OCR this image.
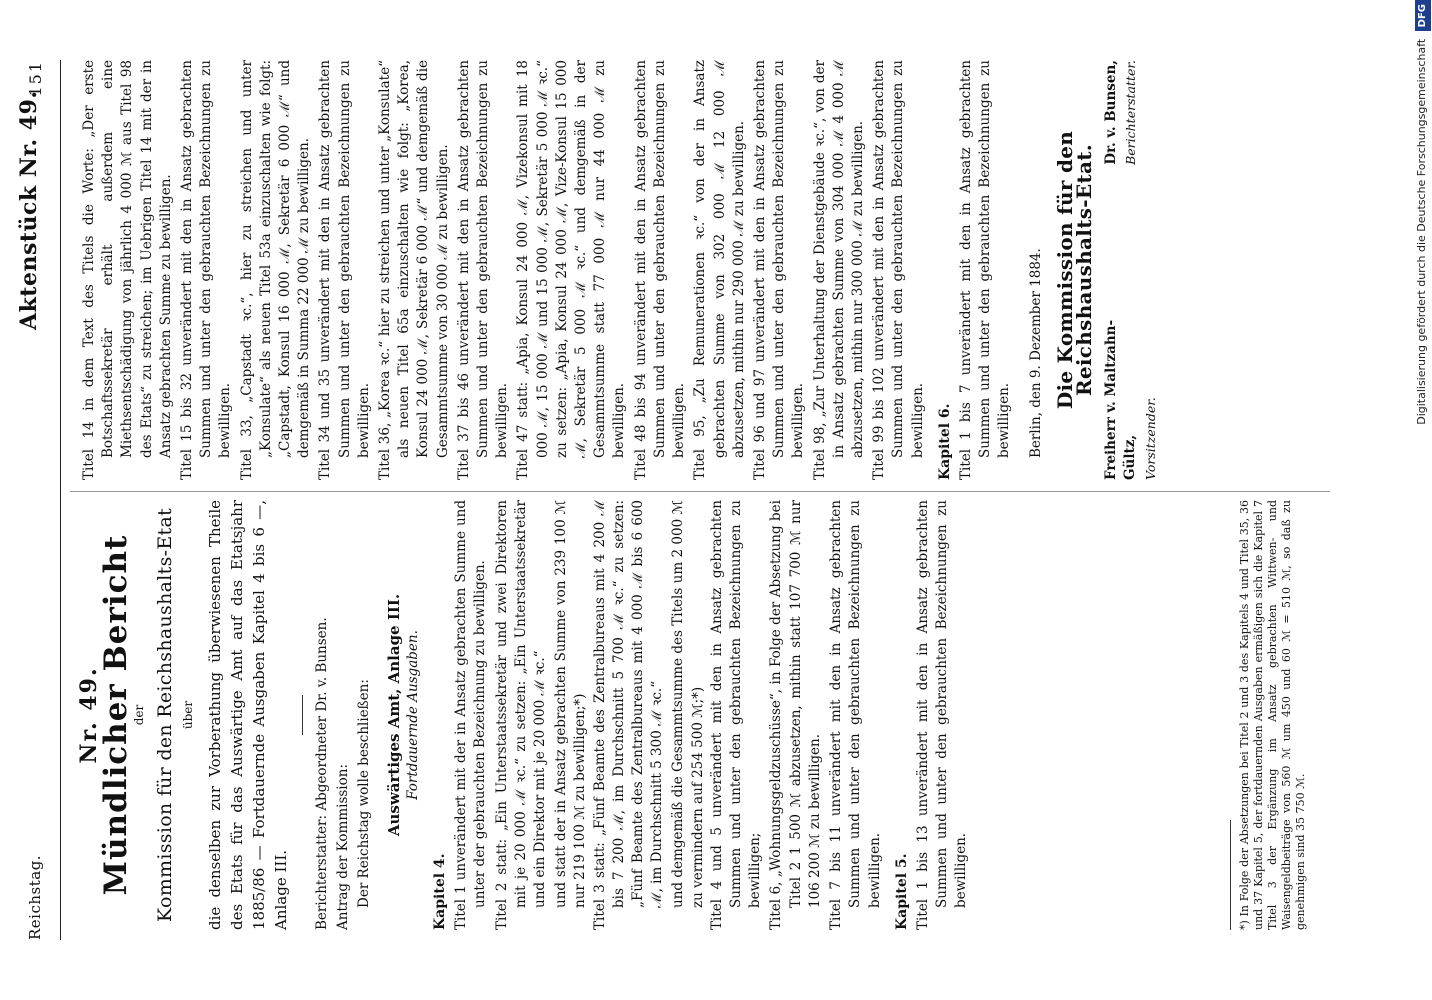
Reichstag.
Aktenstück Nr. 49.
151
Nr. 49.
Mündlicher Bericht
der Kommission für den Reichshaushalts-Etat über die denselben zur Vorberathung überwiesenen Theile des Etats für das Auswärtige Amt auf das Etatsjahr 1885/86 — Fortdauernde Ausgaben Kapitel 4 bis 6 —, Anlage III. Berichterstatter: Abgeordneter Dr. v. Bunsen. Antrag der Kommission: Der Reichstag wolle beschließen: Auswärtiges Amt, Anlage III. Fortdauernde Ausgaben.
Kapitel 4. Titel 1 unverändert mit der in Ansatz gebrachten Summe und unter der gebrauchten Bezeichnung zu bewilligen. Titel 2 statt: „Ein Unterstaatssekretär und zwei Direktoren mit je 20 000 ℳ ꝛc.“ zu setzen: „Ein Unterstaatssekretär und ein Direktor mit je 20 000 ℳ ꝛc.“ und statt der in Ansatz gebrachten Summe von 239 100 ℳ nur 219 100 ℳ zu bewilligen;*) Titel 3 statt: „Fünf Beamte des Zentralbureaus mit 4 200 ℳ bis 7 200 ℳ, im Durchschnitt 5 700 ℳ ꝛc.“ zu setzen: „Fünf Beamte des Zentralbureaus mit 4 000 ℳ bis 6 600 ℳ, im Durchschnitt 5 300 ℳ ꝛc.“ und demgemäß die Gesammtsumme des Titels um 2 000 ℳ zu vermindern auf 254 500 ℳ;*) Titel 4 und 5 unverändert mit den in Ansatz gebrachten Summen und unter den gebrauchten Bezeichnungen zu bewilligen; Titel 6, „Wohnungsgeldzuschüsse“, in Folge der Absetzung bei Titel 2 1 500 ℳ abzusetzen, mithin statt 107 700 ℳ nur 106 200 ℳ zu bewilligen. Titel 7 bis 11 unverändert mit den in Ansatz gebrachten Summen und unter den gebrauchten Bezeichnungen zu bewilligen. Kapitel 5. Titel 1 bis 13 unverändert mit den in Ansatz gebrachten Summen und unter den gebrauchten Bezeichnungen zu bewilligen.	*) In Folge der Absetzungen bei Titel 2 und 3 des Kapitels 4 und Titel 35, 36 und 37 Kapitel 5, der fortdauernden Ausgaben ermäßigen sich die Kapitel 7 Titel 3 der Ergänzung im Ansatz gebrachten Wittwen- und Waisengeldbeiträge von 560 ℳ um 450 und 60 ℳ = 510 ℳ, so daß zu genehmigen sind 35 750 ℳ.
Titel 14 in dem Text des Titels die Worte: „Der erste Botschaftssekretär erhält außerdem eine Miethsentschädigung von jährlich 4 000 ℳ aus Titel 98 des Etats“ zu streichen; im Uebrigen Titel 14 mit der in Ansatz gebrachten Summe zu bewilligen. Titel 15 bis 32 unverändert mit den in Ansatz gebrachten Summen und unter den gebrauchten Bezeichnungen zu bewilligen. Titel 33, „Capstadt ꝛc.“, hier zu streichen und unter „Konsulate“ als neuen Titel 53a einzuschalten wie folgt: „Capstadt, Konsul 16 000 ℳ, Sekretär 6 000 ℳ“ und demgemäß in Summa 22 000 ℳ zu bewilligen. Titel 34 und 35 unverändert mit den in Ansatz gebrachten Summen und unter den gebrauchten Bezeichnungen zu bewilligen. Titel 36, „Korea ꝛc.“ hier zu streichen und unter „Konsulate“ als neuen Titel 65a einzuschalten wie folgt: „Korea, Konsul 24 000 ℳ, Sekretär 6 000 ℳ“ und demgemäß die Gesammtsumme von 30 000 ℳ zu bewilligen. Titel 37 bis 46 unverändert mit den in Ansatz gebrachten Summen und unter den gebrauchten Bezeichnungen zu bewilligen. Titel 47 statt: „Apia, Konsul 24 000 ℳ, Vizekonsul mit 18 000 ℳ, 15 000 ℳ und 15 000 ℳ, Sekretär 5 000 ℳ ꝛc.“ zu setzen: „Apia, Konsul 24 000 ℳ, Vize-Konsul 15 000 ℳ, Sekretär 5 000 ℳ ꝛc.“ und demgemäß in der Gesammtsumme statt 77 000 ℳ nur 44 000 ℳ zu bewilligen. Titel 48 bis 94 unverändert mit den in Ansatz gebrachten Summen und unter den gebrauchten Bezeichnungen zu bewilligen. Titel 95, „Zu Remunerationen ꝛc.“ von der in Ansatz gebrachten Summe von 302 000 ℳ 12 000 ℳ abzusetzen, mithin nur 290 000 ℳ zu bewilligen. Titel 96 und 97 unverändert mit den in Ansatz gebrachten Summen und unter den gebrauchten Bezeichnungen zu bewilligen. Titel 98, „Zur Unterhaltung der Dienstgebäude ꝛc.“, von der in Ansatz gebrachten Summe von 304 000 ℳ 4 000 ℳ abzusetzen, mithin nur 300 000 ℳ zu bewilligen. Titel 99 bis 102 unverändert mit den in Ansatz gebrachten Summen und unter den gebrauchten Bezeichnungen zu bewilligen. Kapitel 6. Titel 1 bis 7 unverändert mit den in Ansatz gebrachten Summen und unter den gebrauchten Bezeichnungen zu bewilligen. Berlin, den 9. Dezember 1884. Die Kommission für den Reichshaushalts-Etat.
Freiherr v. Maltzahn-Gültz, Vorsitzender.
Dr. v. Bunsen, Berichterstatter.	Digitalisierung gefördert durch die Deutsche Forschungsgemeinschaft DFG
